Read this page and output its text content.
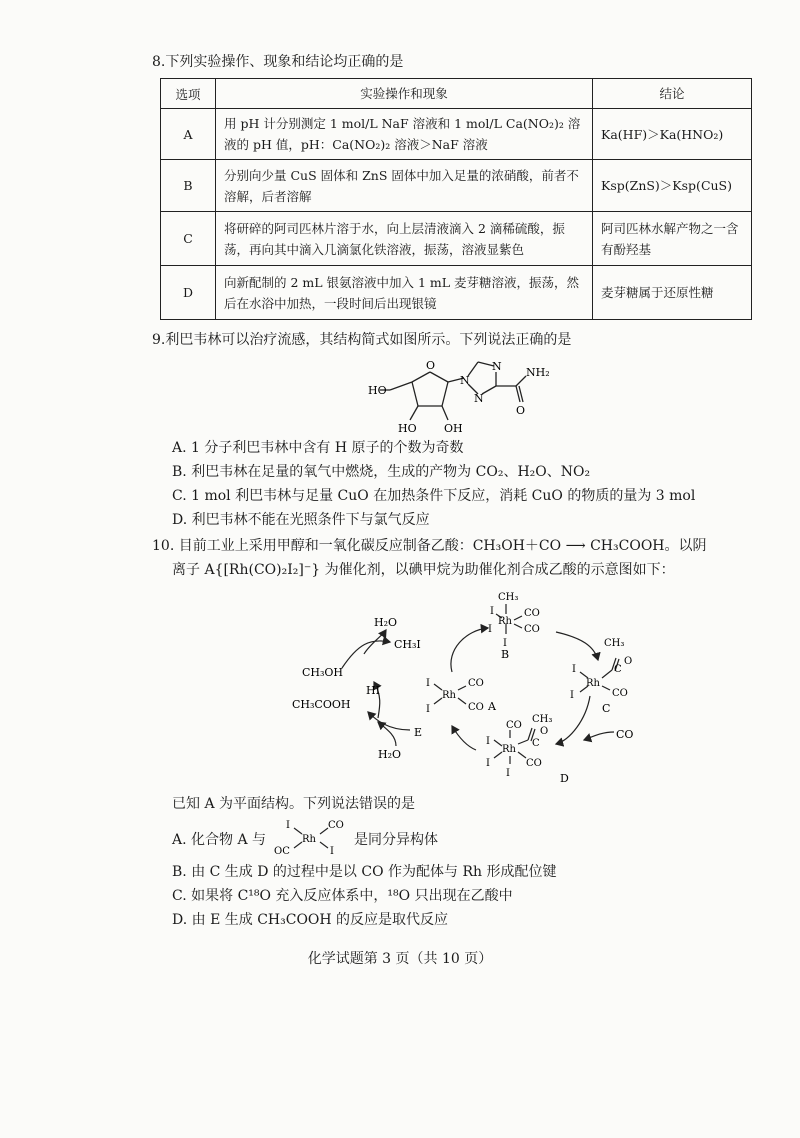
8.下列实验操作、现象和结论均正确的是
选项	实验操作和现象	结论
A	用 pH 计分别测定 1 mol/L NaF 溶液和 1 mol/L Ca(NO₂)₂ 溶液的 pH 值，pH：Ca(NO₂)₂ 溶液＞NaF 溶液	Ka(HF)＞Ka(HNO₂)
B	分别向少量 CuS 固体和 ZnS 固体中加入足量的浓硝酸，前者不溶解，后者溶解	Ksp(ZnS)＞Ksp(CuS)
C	将研碎的阿司匹林片溶于水，向上层清液滴入 2 滴稀硫酸，振荡，再向其中滴入几滴氯化铁溶液，振荡，溶液显紫色	阿司匹林水解产物之一含有酚羟基
D	向新配制的 2 mL 银氨溶液中加入 1 mL 麦芽糖溶液，振荡，然后在水浴中加热，一段时间后出现银镜	麦芽糖属于还原性糖
9.利巴韦林可以治疗流感，其结构简式如图所示。下列说法正确的是
HO
HO OH
O
N
N
N
NH₂
O
A. 1 分子利巴韦林中含有 H 原子的个数为奇数
B. 利巴韦林在足量的氧气中燃烧，生成的产物为 CO₂、H₂O、NO₂
C. 1 mol 利巴韦林与足量 CuO 在加热条件下反应，消耗 CuO 的物质的量为 3 mol
D. 利巴韦林不能在光照条件下与氯气反应
10. 目前工业上采用甲醇和一氧化碳反应制备乙酸：CH₃OH＋CO ⟶ CH₃COOH。以阴
离子 A{[Rh(CO)₂I₂]⁻} 为催化剂，以碘甲烷为助催化剂合成乙酸的示意图如下：
H₂O
CH₃I
CH₃OH
HI
CH₃COOH
E
H₂O
CO
CH₃
I
Rh
CO
CO
I
I
B
I
Rh
CO
CO
I	A
CH₃
I
Rh
C
O
CO
I
C
CO
CH₃
I
Rh
C
O
CO
I
I	D
已知 A 为平面结构。下列说法错误的是
A. 化合物 A 与
I	CO
Rh
OC	I
是同分异构体
B. 由 C 生成 D 的过程中是以 CO 作为配体与 Rh 形成配位键
C. 如果将 C¹⁸O 充入反应体系中，¹⁸O 只出现在乙酸中
D. 由 E 生成 CH₃COOH 的反应是取代反应
化学试题第 3 页（共 10 页）
